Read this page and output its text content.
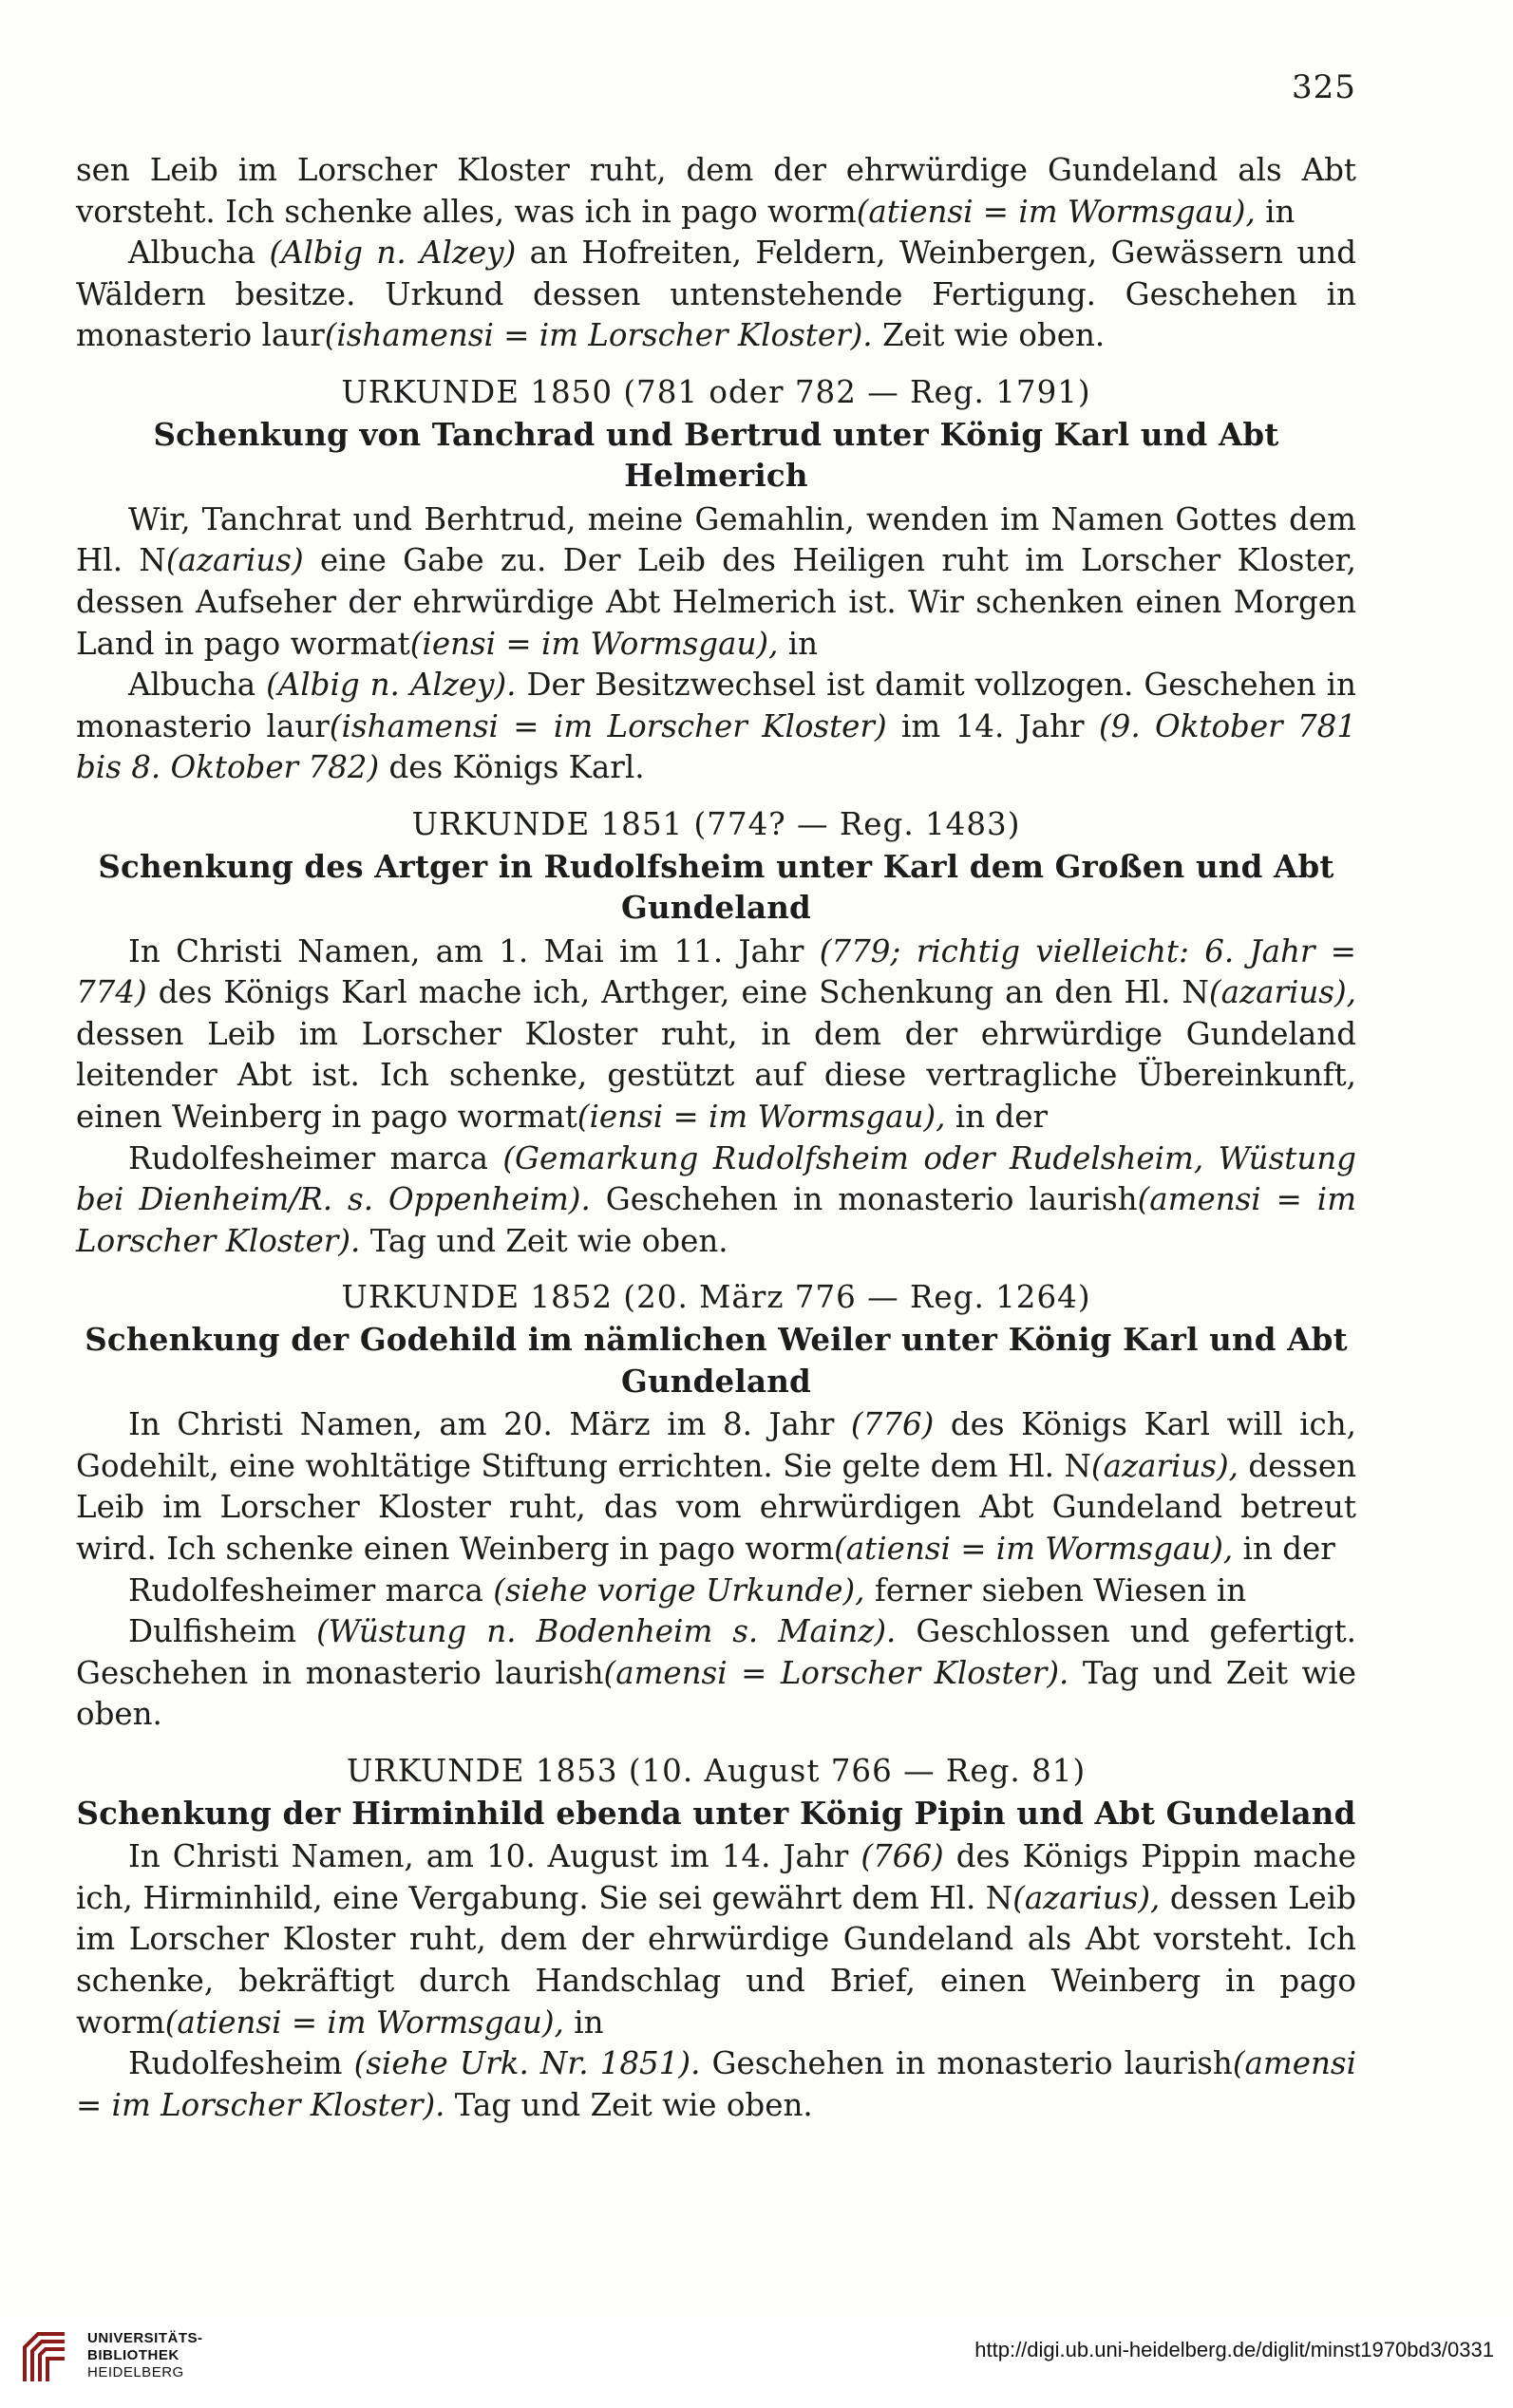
325

sen Leib im Lorscher Kloster ruht, dem der ehrwürdige Gundeland als Abt vorsteht. Ich schenke alles, was ich in pago worm(atiensi = im Wormsgau), in

Albucha (Albig n. Alzey) an Hofreiten, Feldern, Weinbergen, Gewässern und Wäldern besitze. Urkund dessen untenstehende Fertigung. Geschehen in monasterio laur(ishamensi = im Lorscher Kloster). Zeit wie oben.

URKUNDE 1850 (781 oder 782 — Reg. 1791)
Schenkung von Tanchrad und Bertrud unter König Karl und Abt Helmerich

Wir, Tanchrat und Berhtrud, meine Gemahlin, wenden im Namen Gottes dem Hl. N(azarius) eine Gabe zu. Der Leib des Heiligen ruht im Lorscher Kloster, dessen Aufseher der ehrwürdige Abt Helmerich ist. Wir schenken einen Morgen Land in pago wormat(iensi = im Wormsgau), in

Albucha (Albig n. Alzey). Der Besitzwechsel ist damit vollzogen. Geschehen in monasterio laur(ishamensi = im Lorscher Kloster) im 14. Jahr (9. Oktober 781 bis 8. Oktober 782) des Königs Karl.

URKUNDE 1851 (774? — Reg. 1483)
Schenkung des Artger in Rudolfsheim unter Karl dem Großen und Abt Gundeland

In Christi Namen, am 1. Mai im 11. Jahr (779; richtig vielleicht: 6. Jahr = 774) des Königs Karl mache ich, Arthger, eine Schenkung an den Hl. N(azarius), dessen Leib im Lorscher Kloster ruht, in dem der ehrwürdige Gundeland leitender Abt ist. Ich schenke, gestützt auf diese vertragliche Übereinkunft, einen Weinberg in pago wormat(iensi = im Wormsgau), in der

Rudolfesheimer marca (Gemarkung Rudolfsheim oder Rudelsheim, Wüstung bei Dienheim/R. s. Oppenheim). Geschehen in monasterio laurish(amensi = im Lorscher Kloster). Tag und Zeit wie oben.

URKUNDE 1852 (20. März 776 — Reg. 1264)
Schenkung der Godehild im nämlichen Weiler unter König Karl und Abt Gundeland

In Christi Namen, am 20. März im 8. Jahr (776) des Königs Karl will ich, Godehilt, eine wohltätige Stiftung errichten. Sie gelte dem Hl. N(azarius), dessen Leib im Lorscher Kloster ruht, das vom ehrwürdigen Abt Gundeland betreut wird. Ich schenke einen Weinberg in pago worm(atiensi = im Wormsgau), in der

Rudolfesheimer marca (siehe vorige Urkunde), ferner sieben Wiesen in

Dulfisheim (Wüstung n. Bodenheim s. Mainz). Geschlossen und gefertigt. Geschehen in monasterio laurish(amensi = Lorscher Kloster). Tag und Zeit wie oben.

URKUNDE 1853 (10. August 766 — Reg. 81)
Schenkung der Hirminhild ebenda unter König Pipin und Abt Gundeland

In Christi Namen, am 10. August im 14. Jahr (766) des Königs Pippin mache ich, Hirminhild, eine Vergabung. Sie sei gewährt dem Hl. N(azarius), dessen Leib im Lorscher Kloster ruht, dem der ehrwürdige Gundeland als Abt vorsteht. Ich schenke, bekräftigt durch Handschlag und Brief, einen Weinberg in pago worm(atiensi = im Wormsgau), in

Rudolfesheim (siehe Urk. Nr. 1851). Geschehen in monasterio laurish(amensi = im Lorscher Kloster). Tag und Zeit wie oben.

UNIVERSITÄTS-
BIBLIOTHEK
HEIDELBERG
http://digi.ub.uni-heidelberg.de/diglit/minst1970bd3/0331
